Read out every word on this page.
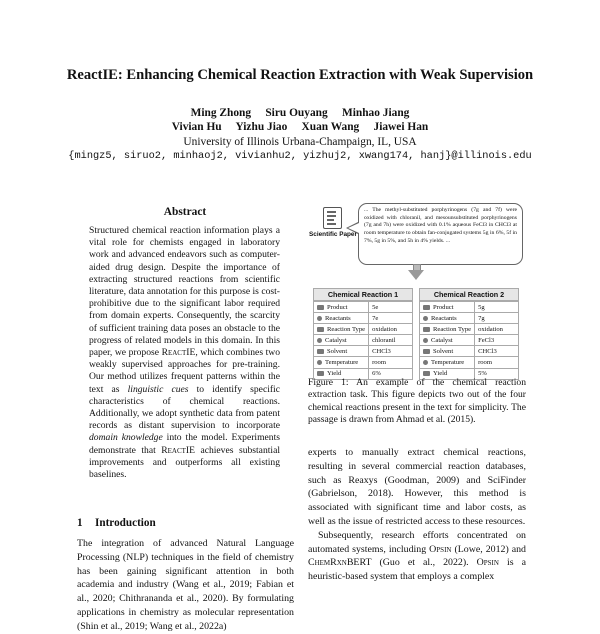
ReactIE: Enhancing Chemical Reaction Extraction with Weak Supervision
Ming Zhong Siru Ouyang Minhao Jiang
Vivian Hu Yizhu Jiao Xuan Wang Jiawei Han
University of Illinois Urbana-Champaign, IL, USA
{mingz5, siruo2, minhaoj2, vivianhu2, yizhuj2, xwang174, hanj}@illinois.edu
Abstract
Structured chemical reaction information plays a vital role for chemists engaged in laboratory work and advanced endeavors such as computer-aided drug design. Despite the importance of extracting structured reactions from scientific literature, data annotation for this purpose is cost-prohibitive due to the significant labor required from domain experts. Consequently, the scarcity of sufficient training data poses an obstacle to the progress of related models in this domain. In this paper, we propose ReactIE, which combines two weakly supervised approaches for pre-training. Our method utilizes frequent patterns within the text as linguistic cues to identify specific characteristics of chemical reactions. Additionally, we adopt synthetic data from patent records as distant supervision to incorporate domain knowledge into the model. Experiments demonstrate that ReactIE achieves substantial improvements and outperforms all existing baselines.
1 Introduction
The integration of advanced Natural Language Processing (NLP) techniques in the field of chemistry has been gaining significant attention in both academia and industry (Wang et al., 2019; Fabian et al., 2020; Chithrananda et al., 2020). By formulating applications in chemistry as molecular representation (Shin et al., 2019; Wang et al., 2022a)
Scientific Paper
... The methyl-substituted porphyrinogens (7g and 7f) were oxidized with chloranil, and mesounsubstituted porphyrinogens (7g and 7h) were oxidized with 0.1% aqueous FeCl3 in CHCl3 at room temperature to obtain fan-conjugated systems 5g in 6%, 5f in 7%, 5g in 5%, and 5h in 4% yields. ...
Chemical Reaction 1
Product	5e
Reactants	7e
Reaction Type	oxidation
Catalyst	chloranil
Solvent	CHCl3
Temperature	room
Yield	6%
Chemical Reaction 2
Product	5g
Reactants	7g
Reaction Type	oxidation
Catalyst	FeCl3
Solvent	CHCl3
Temperature	room
Yield	5%
Figure 1: An example of the chemical reaction extraction task. This figure depicts two out of the four chemical reactions present in the text for simplicity. The passage is drawn from Ahmad et al. (2015).
experts to manually extract chemical reactions, resulting in several commercial reaction databases, such as Reaxys (Goodman, 2009) and SciFinder (Gabrielson, 2018). However, this method is associated with significant time and labor costs, as well as the issue of restricted access to these resources.
Subsequently, research efforts concentrated on automated systems, including Opsin (Lowe, 2012) and ChemRxnBERT (Guo et al., 2022). Opsin is a heuristic-based system that employs a complex
